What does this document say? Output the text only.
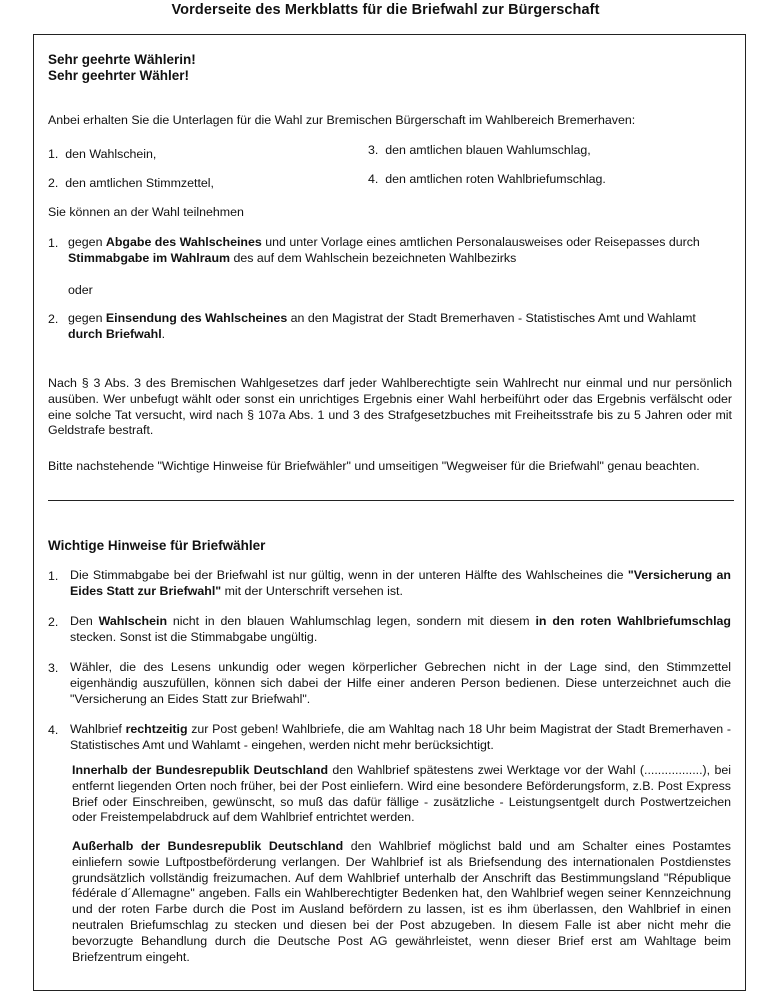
Vorderseite des Merkblatts für die Briefwahl zur Bürgerschaft
Sehr geehrte Wählerin!
Sehr geehrter Wähler!
Anbei erhalten Sie die Unterlagen für die Wahl zur Bremischen Bürgerschaft im Wahlbereich Bremerhaven:
1. den Wahlschein,
2. den amtlichen Stimmzettel,
3. den amtlichen blauen Wahlumschlag,
4. den amtlichen roten Wahlbriefumschlag.
Sie können an der Wahl teilnehmen
1. gegen Abgabe des Wahlscheines und unter Vorlage eines amtlichen Personalausweises oder Reisepasses durch
Stimmabgabe im Wahlraum des auf dem Wahlschein bezeichneten Wahlbezirks
oder
2. gegen Einsendung des Wahlscheines an den Magistrat der Stadt Bremerhaven - Statistisches Amt und Wahlamt
durch Briefwahl.
Nach § 3 Abs. 3 des Bremischen Wahlgesetzes darf jeder Wahlberechtigte sein Wahlrecht nur einmal und nur persönlich ausüben. Wer unbefugt wählt oder sonst ein unrichtiges Ergebnis einer Wahl herbeiführt oder das Ergebnis verfälscht oder eine solche Tat versucht, wird nach § 107a Abs. 1 und 3 des Strafgesetzbuches mit Freiheitsstrafe bis zu 5 Jahren oder mit Geldstrafe bestraft.
Bitte nachstehende "Wichtige Hinweise für Briefwähler" und umseitigen "Wegweiser für die Briefwahl" genau beachten.
Wichtige Hinweise für Briefwähler
1. Die Stimmabgabe bei der Briefwahl ist nur gültig, wenn in der unteren Hälfte des Wahlscheines die "Versicherung an Eides Statt zur Briefwahl" mit der Unterschrift versehen ist.
2. Den Wahlschein nicht in den blauen Wahlumschlag legen, sondern mit diesem in den roten Wahlbriefumschlag stecken. Sonst ist die Stimmabgabe ungültig.
3. Wähler, die des Lesens unkundig oder wegen körperlicher Gebrechen nicht in der Lage sind, den Stimmzettel eigenhändig auszufüllen, können sich dabei der Hilfe einer anderen Person bedienen. Diese unterzeichnet auch die "Versicherung an Eides Statt zur Briefwahl".
4. Wahlbrief rechtzeitig zur Post geben! Wahlbriefe, die am Wahltag nach 18 Uhr beim Magistrat der Stadt Bremerhaven - Statistisches Amt und Wahlamt - eingehen, werden nicht mehr berücksichtigt.
Innerhalb der Bundesrepublik Deutschland den Wahlbrief spätestens zwei Werktage vor der Wahl (.................), bei entfernt liegenden Orten noch früher, bei der Post einliefern. Wird eine besondere Beförderungsform, z.B. Post Express Brief oder Einschreiben, gewünscht, so muß das dafür fällige - zusätzliche - Leistungsentgelt durch Postwertzeichen oder Freistempelabdruck auf dem Wahlbrief entrichtet werden.
Außerhalb der Bundesrepublik Deutschland den Wahlbrief möglichst bald und am Schalter eines Postamtes einliefern sowie Luftpostbeförderung verlangen. Der Wahlbrief ist als Briefsendung des internationalen Postdienstes grundsätzlich vollständig freizumachen. Auf dem Wahlbrief unterhalb der Anschrift das Bestimmungsland "République fédérale d´Allemagne" angeben. Falls ein Wahlberechtigter Bedenken hat, den Wahlbrief wegen seiner Kennzeichnung und der roten Farbe durch die Post im Ausland befördern zu lassen, ist es ihm überlassen, den Wahlbrief in einen neutralen Briefumschlag zu stecken und diesen bei der Post abzugeben. In diesem Falle ist aber nicht mehr die bevorzugte Behandlung durch die Deutsche Post AG gewährleistet, wenn dieser Brief erst am Wahltage beim Briefzentrum eingeht.
